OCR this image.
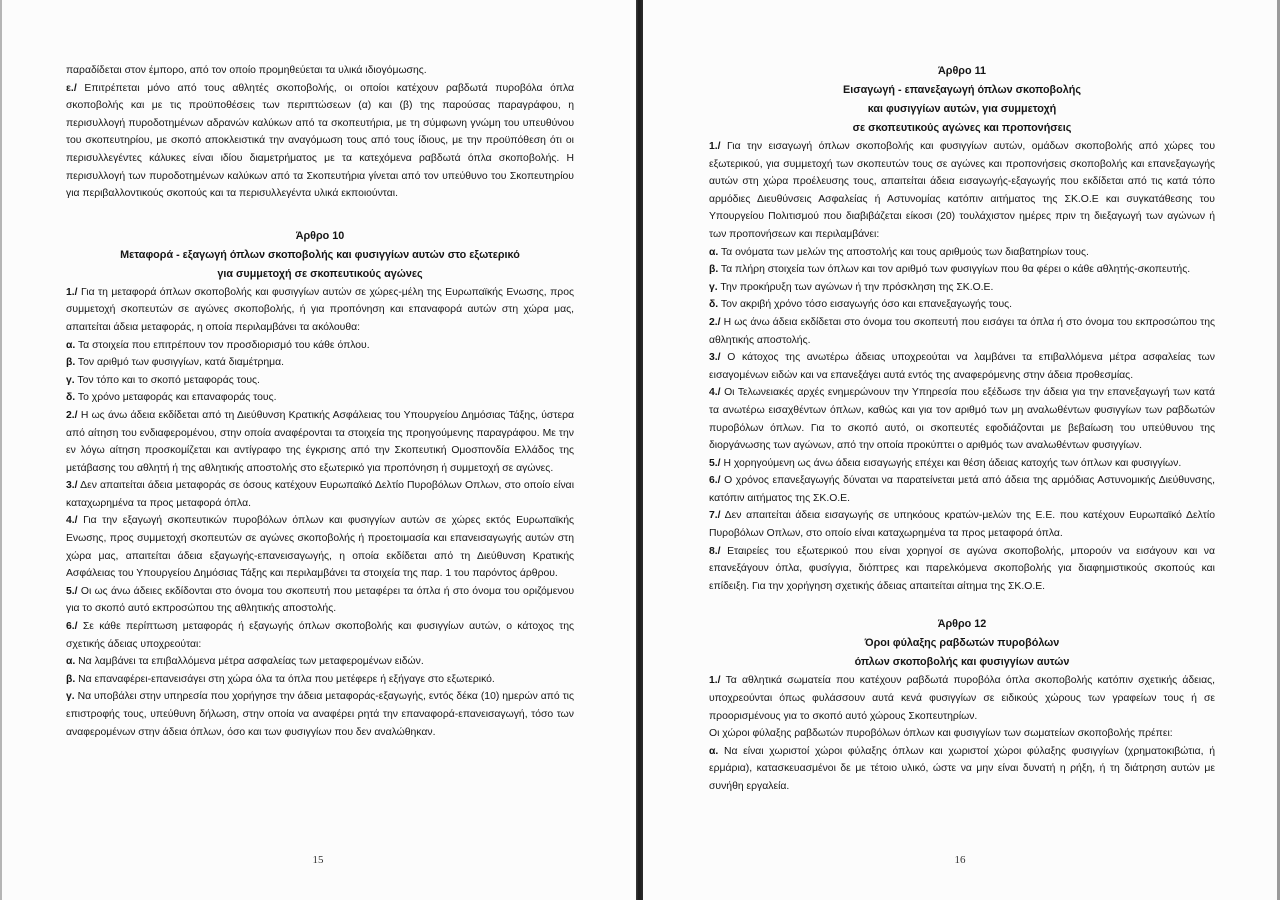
παραδίδεται στον έμπορο, από τον οποίο προμηθεύεται τα υλικά ιδιογόμωσης.

ε./ Επιτρέπεται μόνο από τους αθλητές σκοποβολής, οι οποίοι κατέχουν ραβδωτά πυροβόλα όπλα σκοποβολής και με τις προϋποθέσεις των περιπτώσεων (α) και (β) της παρούσας παραγράφου, η περισυλλογή πυροδοτημένων αδρανών καλύκων από τα σκοπευτήρια, με τη σύμφωνη γνώμη του υπευθύνου του σκοπευτηρίου, με σκοπό αποκλειστικά την αναγόμωση τους από τους ίδιους, με την προϋπόθεση ότι οι περισυλλεγέντες κάλυκες είναι ιδίου διαμετρήματος με τα κατεχόμενα ραβδωτά όπλα σκοποβολής. Η περισυλλογή των πυροδοτημένων καλύκων από τα Σκοπευτήρια γίνεται από τον υπεύθυνο του Σκοπευτηρίου για περιβαλλοντικούς σκοπούς και τα περισυλλεγέντα υλικά εκποιούνται.

Άρθρο 10

Μεταφορά - εξαγωγή όπλων σκοποβολής και φυσιγγίων αυτών στο εξωτερικό

για συμμετοχή σε σκοπευτικούς αγώνες

1./ Για τη μεταφορά όπλων σκοποβολής και φυσιγγίων αυτών σε χώρες-μέλη της Ευρωπαϊκής Ενωσης, προς συμμετοχή σκοπευτών σε αγώνες σκοποβολής, ή για προπόνηση και επαναφορά αυτών στη χώρα μας, απαιτείται άδεια μεταφοράς, η οποία περιλαμβάνει τα ακόλουθα:

α. Τα στοιχεία που επιτρέπουν τον προσδιορισμό του κάθε όπλου.

β. Τον αριθμό των φυσιγγίων, κατά διαμέτρημα.

γ. Τον τόπο και το σκοπό μεταφοράς τους.

δ. Το χρόνο μεταφοράς και επαναφοράς τους.

2./ Η ως άνω άδεια εκδίδεται από τη Διεύθυνση Κρατικής Ασφάλειας του Υπουργείου Δημόσιας Τάξης, ύστερα από αίτηση του ενδιαφερομένου, στην οποία αναφέρονται τα στοιχεία της προηγούμενης παραγράφου. Με την εν λόγω αίτηση προσκομίζεται και αντίγραφο της έγκρισης από την Σκοπευτική Ομοσπονδία Ελλάδος της μετάβασης του αθλητή ή της αθλητικής αποστολής στο εξωτερικό για προπόνηση ή συμμετοχή σε αγώνες.

3./ Δεν απαιτείται άδεια μεταφοράς σε όσους κατέχουν Ευρωπαϊκό Δελτίο Πυροβόλων Οπλων, στο οποίο είναι καταχωρημένα τα προς μεταφορά όπλα.

4./ Για την εξαγωγή σκοπευτικών πυροβόλων όπλων και φυσιγγίων αυτών σε χώρες εκτός Ευρωπαϊκής Ενωσης, προς συμμετοχή σκοπευτών σε αγώνες σκοποβολής ή προετοιμασία και επανεισαγωγής αυτών στη χώρα μας, απαιτείται άδεια εξαγωγής-επανεισαγωγής, η οποία εκδίδεται από τη Διεύθυνση Κρατικής Ασφάλειας του Υπουργείου Δημόσιας Τάξης και περιλαμβάνει τα στοιχεία της παρ. 1 του παρόντος άρθρου.

5./ Οι ως άνω άδειες εκδίδονται στο όνομα του σκοπευτή που μεταφέρει τα όπλα ή στο όνομα του οριζόμενου για το σκοπό αυτό εκπροσώπου της αθλητικής αποστολής.

6./ Σε κάθε περίπτωση μεταφοράς ή εξαγωγής όπλων σκοποβολής και φυσιγγίων αυτών, ο κάτοχος της σχετικής άδειας υποχρεούται:

α. Να λαμβάνει τα επιβαλλόμενα μέτρα ασφαλείας των μεταφερομένων ειδών.

β. Να επαναφέρει-επανεισάγει στη χώρα όλα τα όπλα που μετέφερε ή εξήγαγε στο εξωτερικό.

γ. Να υποβάλει στην υπηρεσία που χορήγησε την άδεια μεταφοράς-εξαγωγής, εντός δέκα (10) ημερών από τις επιστροφής τους, υπεύθυνη δήλωση, στην οποία να αναφέρει ρητά την επαναφορά-επανεισαγωγή, τόσο των αναφερομένων στην άδεια όπλων, όσο και των φυσιγγίων που δεν αναλώθηκαν.

15

Άρθρο 11

Εισαγωγή - επανεξαγωγή όπλων σκοποβολής

και φυσιγγίων αυτών, για συμμετοχή

σε σκοπευτικούς αγώνες και προπονήσεις

1./ Για την εισαγωγή όπλων σκοποβολής και φυσιγγίων αυτών, ομάδων σκοποβολής από χώρες του εξωτερικού, για συμμετοχή των σκοπευτών τους σε αγώνες και προπονήσεις σκοποβολής και επανεξαγωγής αυτών στη χώρα προέλευσης τους, απαιτείται άδεια εισαγωγής-εξαγωγής που εκδίδεται από τις κατά τόπο αρμόδιες Διευθύνσεις Ασφαλείας ή Αστυνομίας κατόπιν αιτήματος της ΣΚ.Ο.Ε και συγκατάθεσης του Υπουργείου Πολιτισμού που διαβιβάζεται είκοσι (20) τουλάχιστον ημέρες πριν τη διεξαγωγή των αγώνων ή των προπονήσεων και περιλαμβάνει:

α. Τα ονόματα των μελών της αποστολής και τους αριθμούς των διαβατηρίων τους.

β. Τα πλήρη στοιχεία των όπλων και τον αριθμό των φυσιγγίων που θα φέρει ο κάθε αθλητής-σκοπευτής.

γ. Την προκήρυξη των αγώνων ή την πρόσκληση της ΣΚ.Ο.Ε.

δ. Τον ακριβή χρόνο τόσο εισαγωγής όσο και επανεξαγωγής τους.

2./ Η ως άνω άδεια εκδίδεται στο όνομα του σκοπευτή που εισάγει τα όπλα ή στο όνομα του εκπροσώπου της αθλητικής αποστολής.

3./ Ο κάτοχος της ανωτέρω άδειας υποχρεούται να λαμβάνει τα επιβαλλόμενα μέτρα ασφαλείας των εισαγομένων ειδών και να επανεξάγει αυτά εντός της αναφερόμενης στην άδεια προθεσμίας.

4./ Οι Τελωνειακές αρχές ενημερώνουν την Υπηρεσία που εξέδωσε την άδεια για την επανεξαγωγή των κατά τα ανωτέρω εισαχθέντων όπλων, καθώς και για τον αριθμό των μη αναλωθέντων φυσιγγίων των ραβδωτών πυροβόλων όπλων. Για το σκοπό αυτό, οι σκοπευτές εφοδιάζονται με βεβαίωση του υπεύθυνου της διοργάνωσης των αγώνων, από την οποία προκύπτει ο αριθμός των αναλωθέντων φυσιγγίων.

5./ Η χορηγούμενη ως άνω άδεια εισαγωγής επέχει και θέση άδειας κατοχής των όπλων και φυσιγγίων.

6./ Ο χρόνος επανεξαγωγής δύναται να παρατείνεται μετά από άδεια της αρμόδιας Αστυνομικής Διεύθυνσης, κατόπιν αιτήματος της ΣΚ.Ο.Ε.

7./ Δεν απαιτείται άδεια εισαγωγής σε υπηκόους κρατών-μελών της Ε.Ε. που κατέχουν Ευρωπαϊκό Δελτίο Πυροβόλων Οπλων, στο οποίο είναι καταχωρημένα τα προς μεταφορά όπλα.

8./ Εταιρείες του εξωτερικού που είναι χορηγοί σε αγώνα σκοποβολής, μπορούν να εισάγουν και να επανεξάγουν όπλα, φυσίγγια, διόπτρες και παρελκόμενα σκοποβολής για διαφημιστικούς σκοπούς και επίδειξη. Για την χορήγηση σχετικής άδειας απαιτείται αίτημα της ΣΚ.Ο.Ε.

Άρθρο 12

Όροι φύλαξης ραβδωτών πυροβόλων

όπλων σκοποβολής και φυσιγγίων αυτών

1./ Τα αθλητικά σωματεία που κατέχουν ραβδωτά πυροβόλα όπλα σκοποβολής κατόπιν σχετικής άδειας, υποχρεούνται όπως φυλάσσουν αυτά κενά φυσιγγίων σε ειδικούς χώρους των γραφείων τους ή σε προορισμένους για το σκοπό αυτό χώρους Σκοπευτηρίων.

Οι χώροι φύλαξης ραβδωτών πυροβόλων όπλων και φυσιγγίων των σωματείων σκοποβολής πρέπει:

α. Να είναι χωριστοί χώροι φύλαξης όπλων και χωριστοί χώροι φύλαξης φυσιγγίων (χρηματοκιβώτια, ή ερμάρια), κατασκευασμένοι δε με τέτοιο υλικό, ώστε να μην είναι δυνατή η ρήξη, ή τη διάτρηση αυτών με συνήθη εργαλεία.

16
